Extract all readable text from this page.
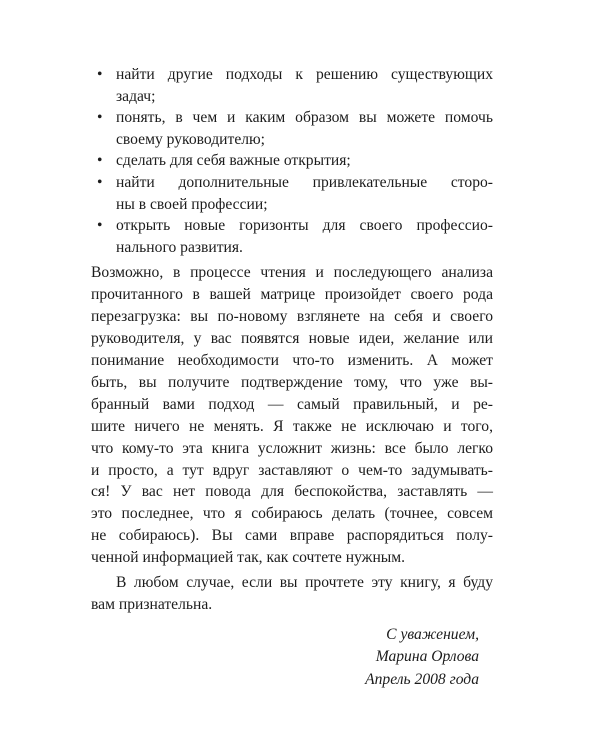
• найти другие подходы к решению существующих
задач;
• понять, в чем и каким образом вы можете помочь
своему руководителю;
• сделать для себя важные открытия;
• найти дополнительные привлекательные сторо-
ны в своей профессии;
• открыть новые горизонты для своего профессио-
нального развития.
Возможно, в процессе чтения и последующего анализа
прочитанного в вашей матрице произойдет своего рода
перезагрузка: вы по-новому взглянете на себя и своего
руководителя, у вас появятся новые идеи, желание или
понимание необходимости что-то изменить. А может
быть, вы получите подтверждение тому, что уже вы-
бранный вами подход — самый правильный, и ре-
шите ничего не менять. Я также не исключаю и того,
что кому-то эта книга усложнит жизнь: все было легко
и просто, а тут вдруг заставляют о чем-то задумывать-
ся! У вас нет повода для беспокойства, заставлять —
это последнее, что я собираюсь делать (точнее, совсем
не собираюсь). Вы сами вправе распорядиться полу-
ченной информацией так, как сочтете нужным.
В любом случае, если вы прочтете эту книгу, я буду
вам признательна.
С уважением,
Марина Орлова
Апрель 2008 года
